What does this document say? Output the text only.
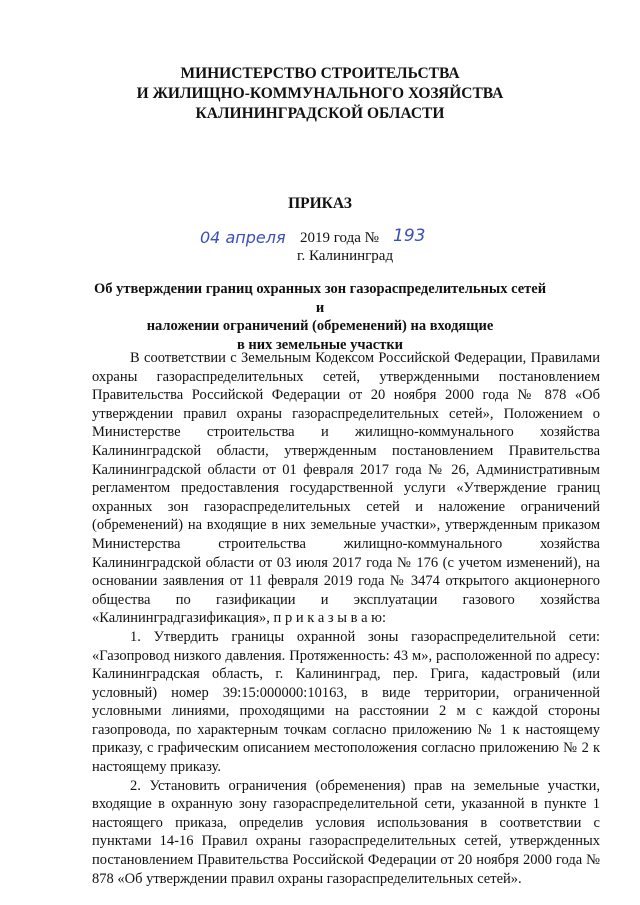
МИНИСТЕРСТВО СТРОИТЕЛЬСТВА
И ЖИЛИЩНО-КОММУНАЛЬНОГО ХОЗЯЙСТВА
КАЛИНИНГРАДСКОЙ ОБЛАСТИ
ПРИКАЗ
04 апреля 2019 года № 193
г. Калининград
Об утверждении границ охранных зон газораспределительных сетей и
наложении ограничений (обременений) на входящие
в них земельные участки

В соответствии с Земельным Кодексом Российской Федерации, Правилами охраны газораспределительных сетей, утвержденными постановлением Правительства Российской Федерации от 20 ноября 2000 года № 878 «Об утверждении правил охраны газораспределительных сетей», Положением о Министерстве строительства и жилищно-коммунального хозяйства Калининградской области, утвержденным постановлением Правительства Калининградской области от 01 февраля 2017 года № 26, Административным регламентом предоставления государственной услуги «Утверждение границ охранных зон газораспределительных сетей и наложение ограничений (обременений) на входящие в них земельные участки», утвержденным приказом Министерства строительства жилищно-коммунального хозяйства Калининградской области от 03 июля 2017 года № 176 (с учетом изменений), на основании заявления от 11 февраля 2019 года № 3474 открытого акционерного общества по газификации и эксплуатации газового хозяйства «Калининградгазификация», п р и к а з ы в а ю:

1. Утвердить границы охранной зоны газораспределительной сети: «Газопровод низкого давления. Протяженность: 43 м», расположенной по адресу: Калининградская область, г. Калининград, пер. Грига, кадастровый (или условный) номер 39:15:000000:10163, в виде территории, ограниченной условными линиями, проходящими на расстоянии 2 м с каждой стороны газопровода, по характерным точкам согласно приложению № 1 к настоящему приказу, с графическим описанием местоположения согласно приложению № 2 к настоящему приказу.

2. Установить ограничения (обременения) прав на земельные участки, входящие в охранную зону газораспределительной сети, указанной в пункте 1 настоящего приказа, определив условия использования в соответствии с пунктами 14-16 Правил охраны газораспределительных сетей, утвержденных постановлением Правительства Российской Федерации от 20 ноября 2000 года № 878 «Об утверждении правил охраны газораспределительных сетей».
